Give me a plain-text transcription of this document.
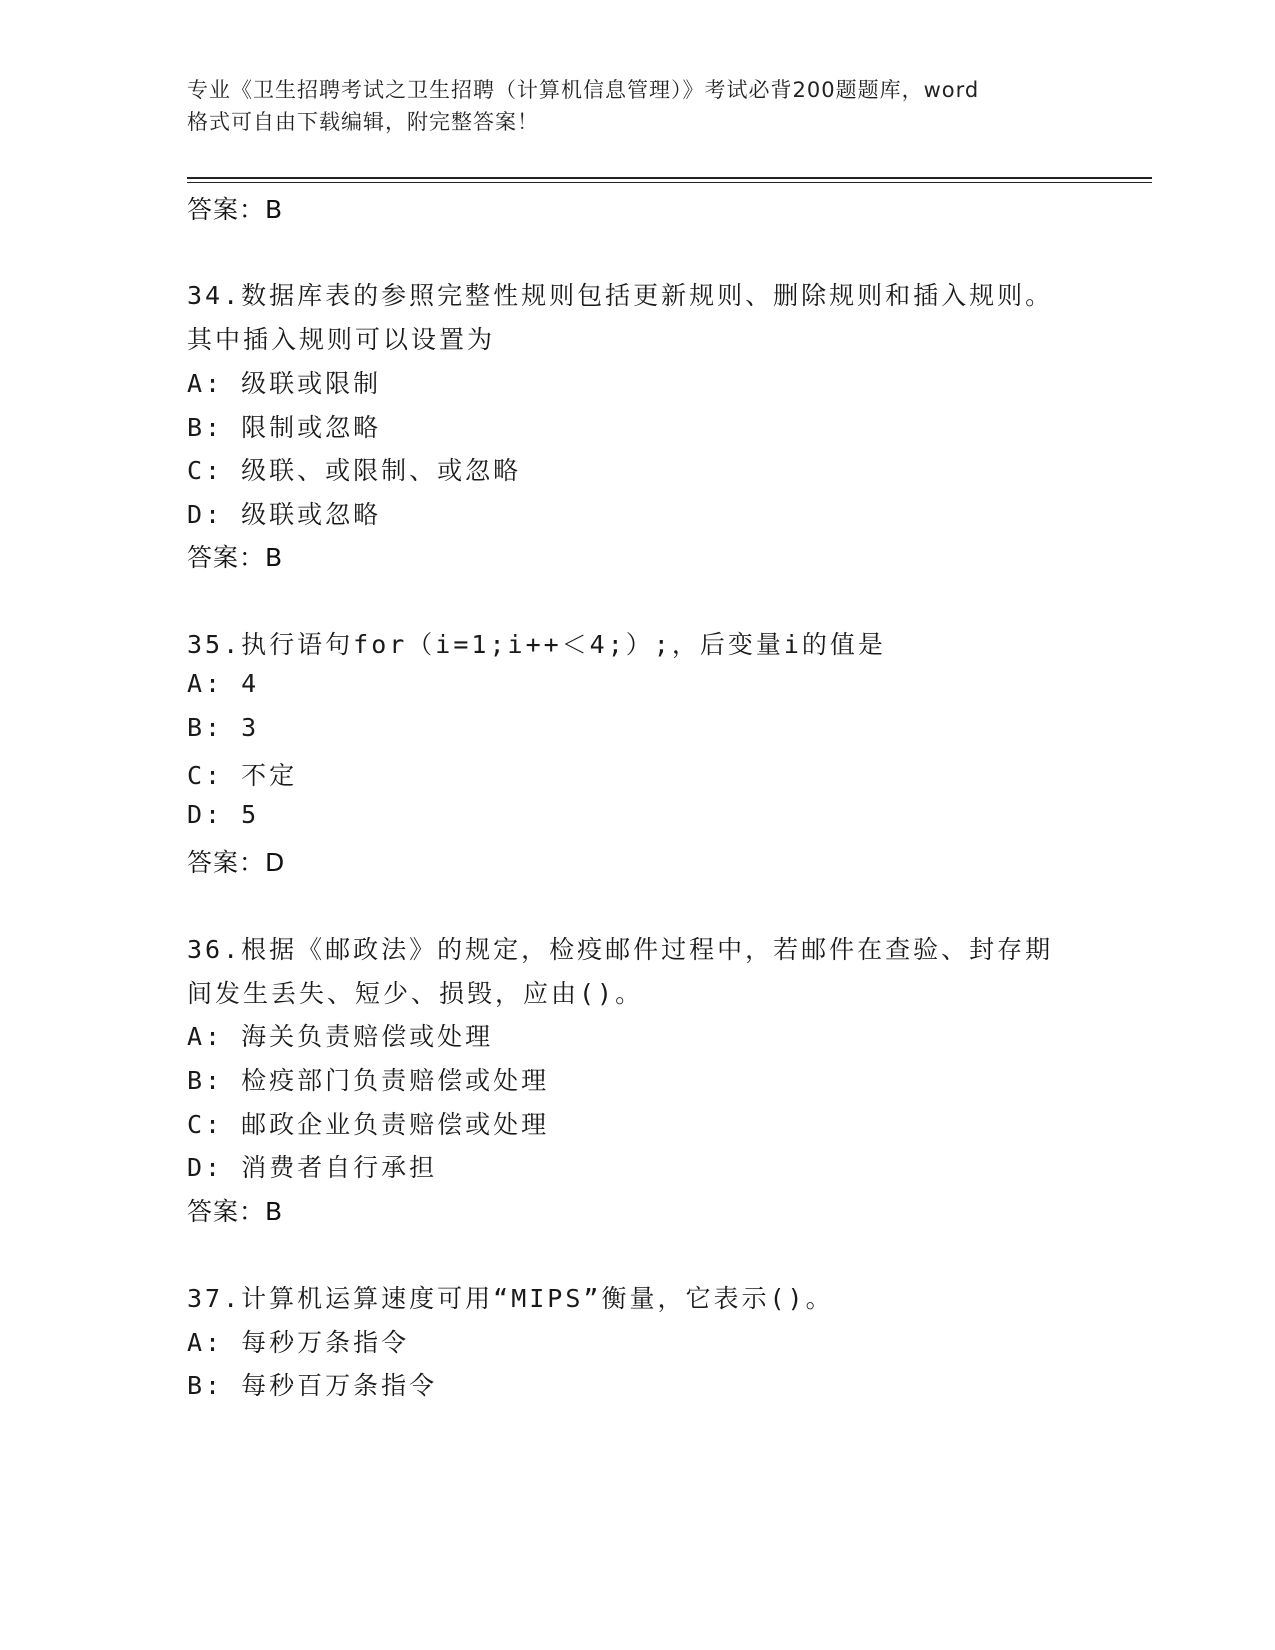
专业《卫生招聘考试之卫生招聘（计算机信息管理）》考试必背200题题库，word
格式可自由下载编辑，附完整答案！
答案：B
34.数据库表的参照完整性规则包括更新规则、删除规则和插入规则。
其中插入规则可以设置为
A: 级联或限制
B: 限制或忽略
C: 级联、或限制、或忽略
D: 级联或忽略
答案：B
35.执行语句for（i=1;i++＜4;）;，后变量i的值是
A: 4
B: 3
C: 不定
D: 5
答案：D
36.根据《邮政法》的规定，检疫邮件过程中，若邮件在查验、封存期
间发生丢失、短少、损毁，应由()。
A: 海关负责赔偿或处理
B: 检疫部门负责赔偿或处理
C: 邮政企业负责赔偿或处理
D: 消费者自行承担
答案：B
37.计算机运算速度可用“MIPS”衡量，它表示()。
A: 每秒万条指令
B: 每秒百万条指令
